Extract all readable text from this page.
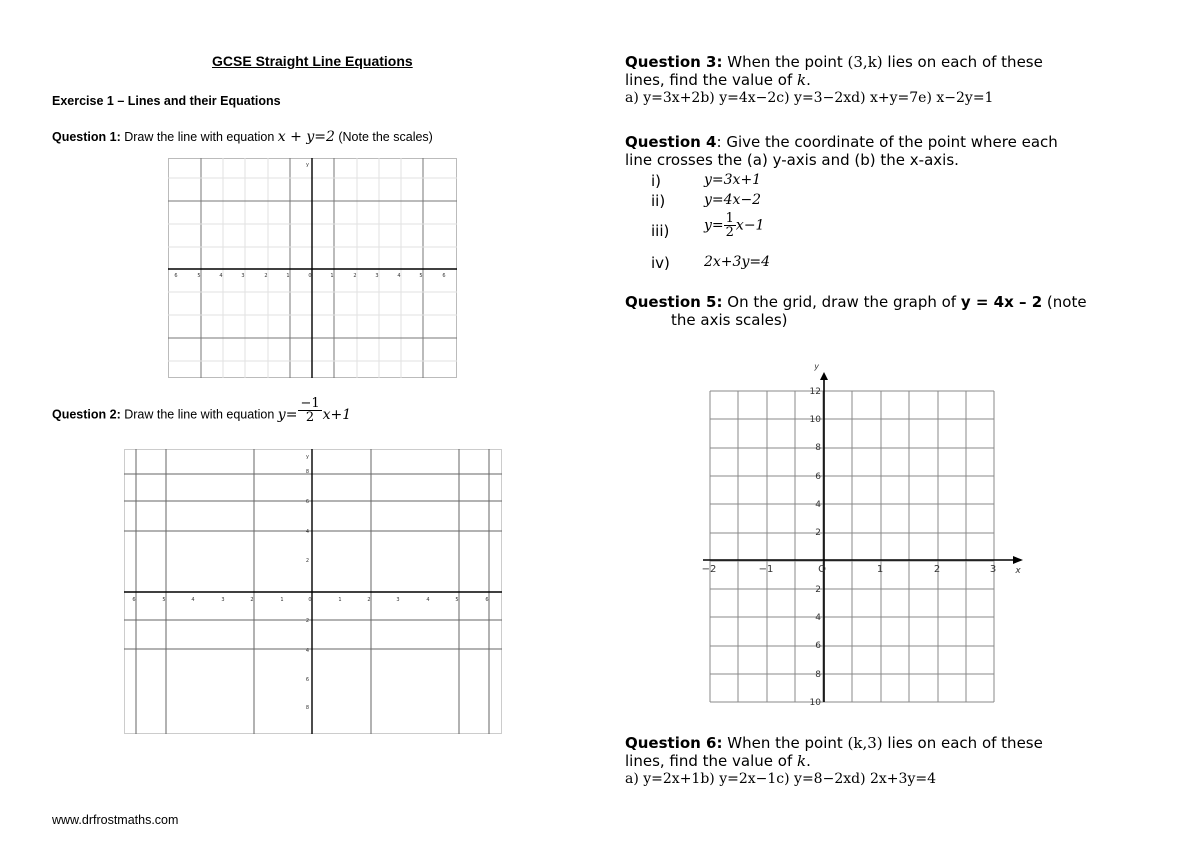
GCSE Straight Line Equations
Exercise 1 – Lines and their Equations
Question 1: Draw the line with equation x + y=2 (Note the scales)
6	5	4	3	2	1	0	1	2	3	4	5	6
y
Question 2: Draw the line with equation $y= \frac{-1}{2} x+1$
6	5	4	3	2	1	0	1	2	3	4	5	6
8
6
4
2
2
4
6
8
y
www.drfrostmaths.com
Question 3: When the point (3,k) lies on each of these
lines, find the value of k.
a) y=3x+2b) y=4x−2c) y=3−2xd) x+y=7e) x−2y=1
Question 4: Give the coordinate of the point where each
line crosses the (a) y-axis and (b) the x-axis.
i)	y=3x+1
ii)	y=4x−2
iii) $y= \frac{1}{2} x-1$
iv) 2x+3y=4
Question 5: On the grid, draw the graph of y = 4x – 2 (note
the axis scales)
−2	−1	O	1	2	3
12
10
8
6
4
2
2
4
6
8
10
x
y
Question 6: When the point (k,3) lies on each of these
lines, find the value of k.
a) y=2x+1b) y=2x−1c) y=8−2xd) 2x+3y=4
